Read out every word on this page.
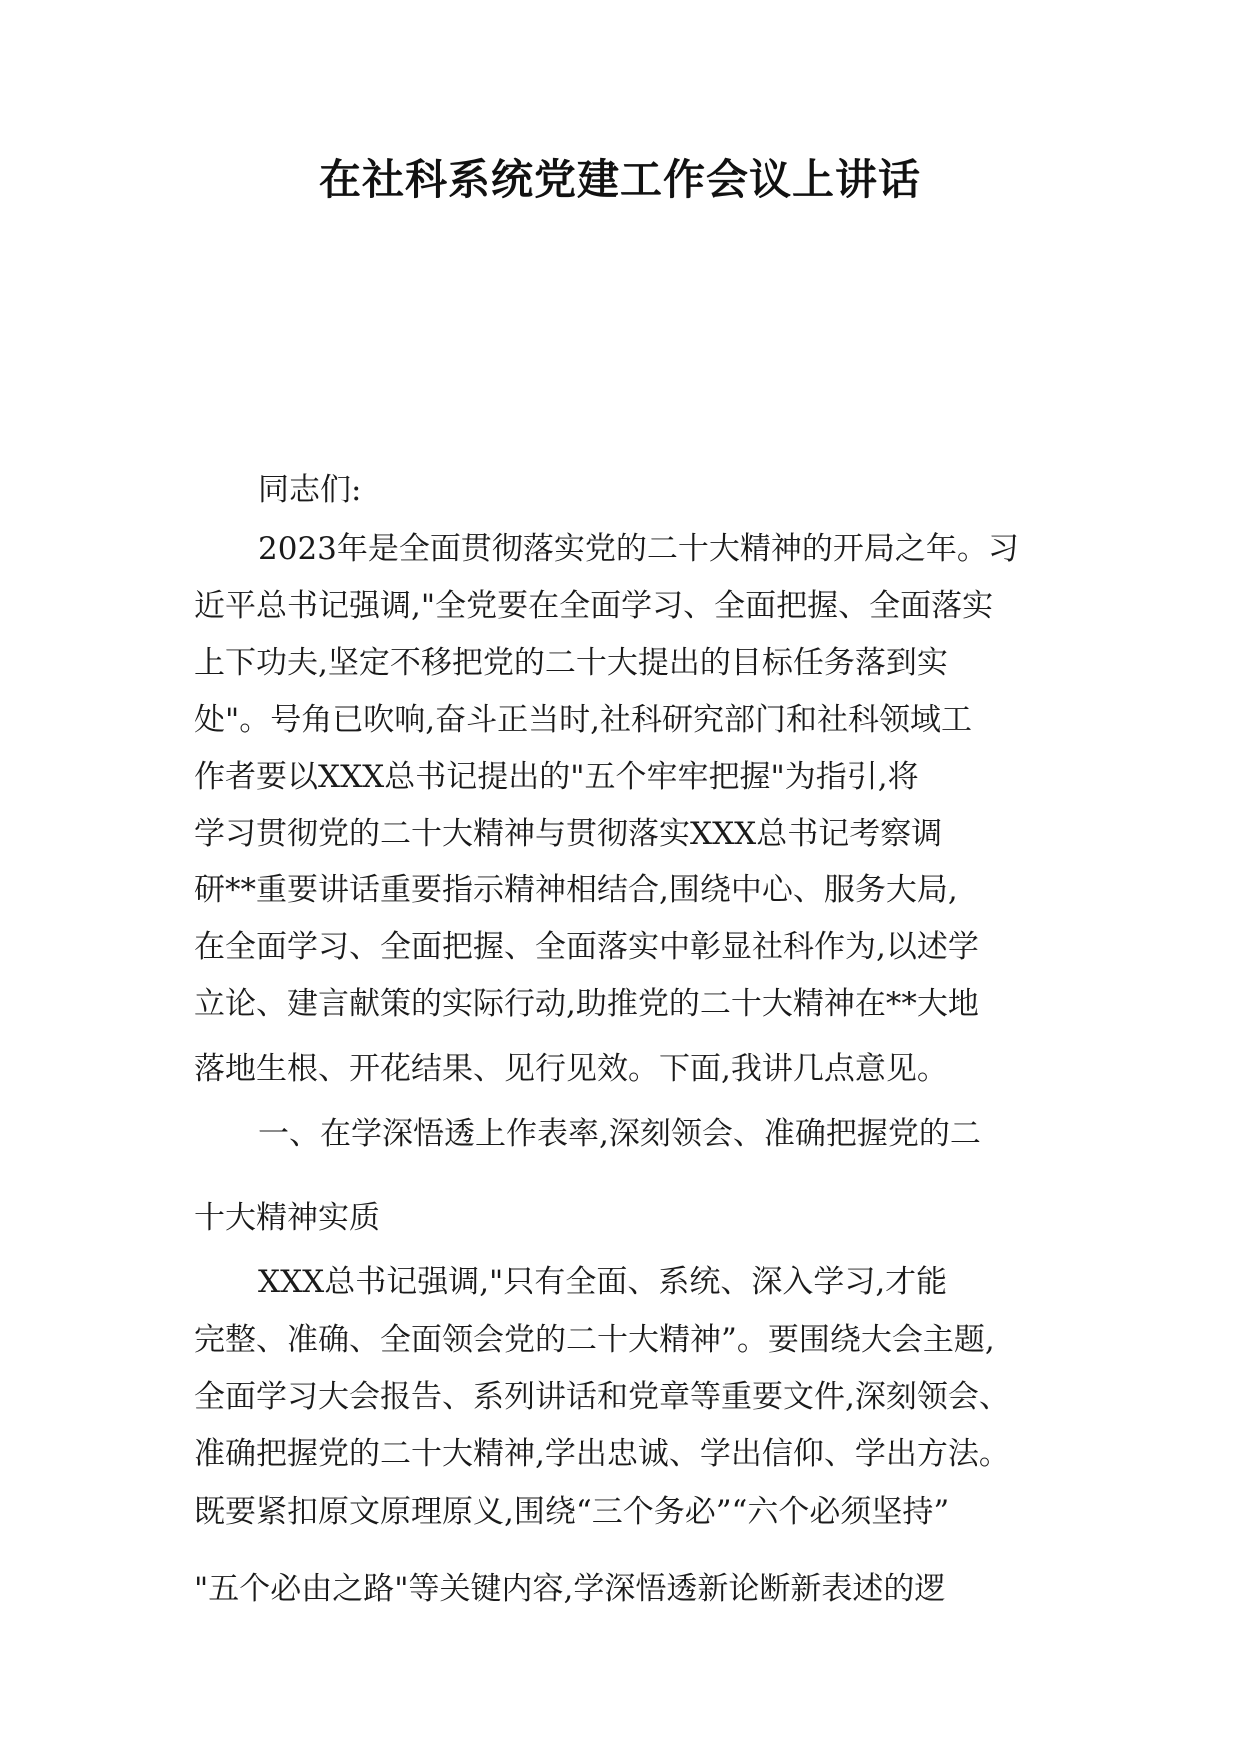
在社科系统党建工作会议上讲话
同志们:
2023年是全面贯彻落实党的二十大精神的开局之年。习
近平总书记强调,"全党要在全面学习、全面把握、全面落实
上下功夫,坚定不移把党的二十大提出的目标任务落到实
处"。号角已吹响,奋斗正当时,社科研究部门和社科领域工
作者要以XXX总书记提出的"五个牢牢把握"为指引,将
学习贯彻党的二十大精神与贯彻落实XXX总书记考察调
研**重要讲话重要指示精神相结合,围绕中心、服务大局,
在全面学习、全面把握、全面落实中彰显社科作为,以述学
立论、建言献策的实际行动,助推党的二十大精神在**大地
落地生根、开花结果、见行见效。下面,我讲几点意见。
一、在学深悟透上作表率,深刻领会、准确把握党的二
十大精神实质
XXX总书记强调,"只有全面、系统、深入学习,才能
完整、准确、全面领会党的二十大精神”。要围绕大会主题,
全面学习大会报告、系列讲话和党章等重要文件,深刻领会、
准确把握党的二十大精神,学出忠诚、学出信仰、学出方法。
既要紧扣原文原理原义,围绕“三个务必”“六个必须坚持”
"五个必由之路"等关键内容,学深悟透新论断新表述的逻
